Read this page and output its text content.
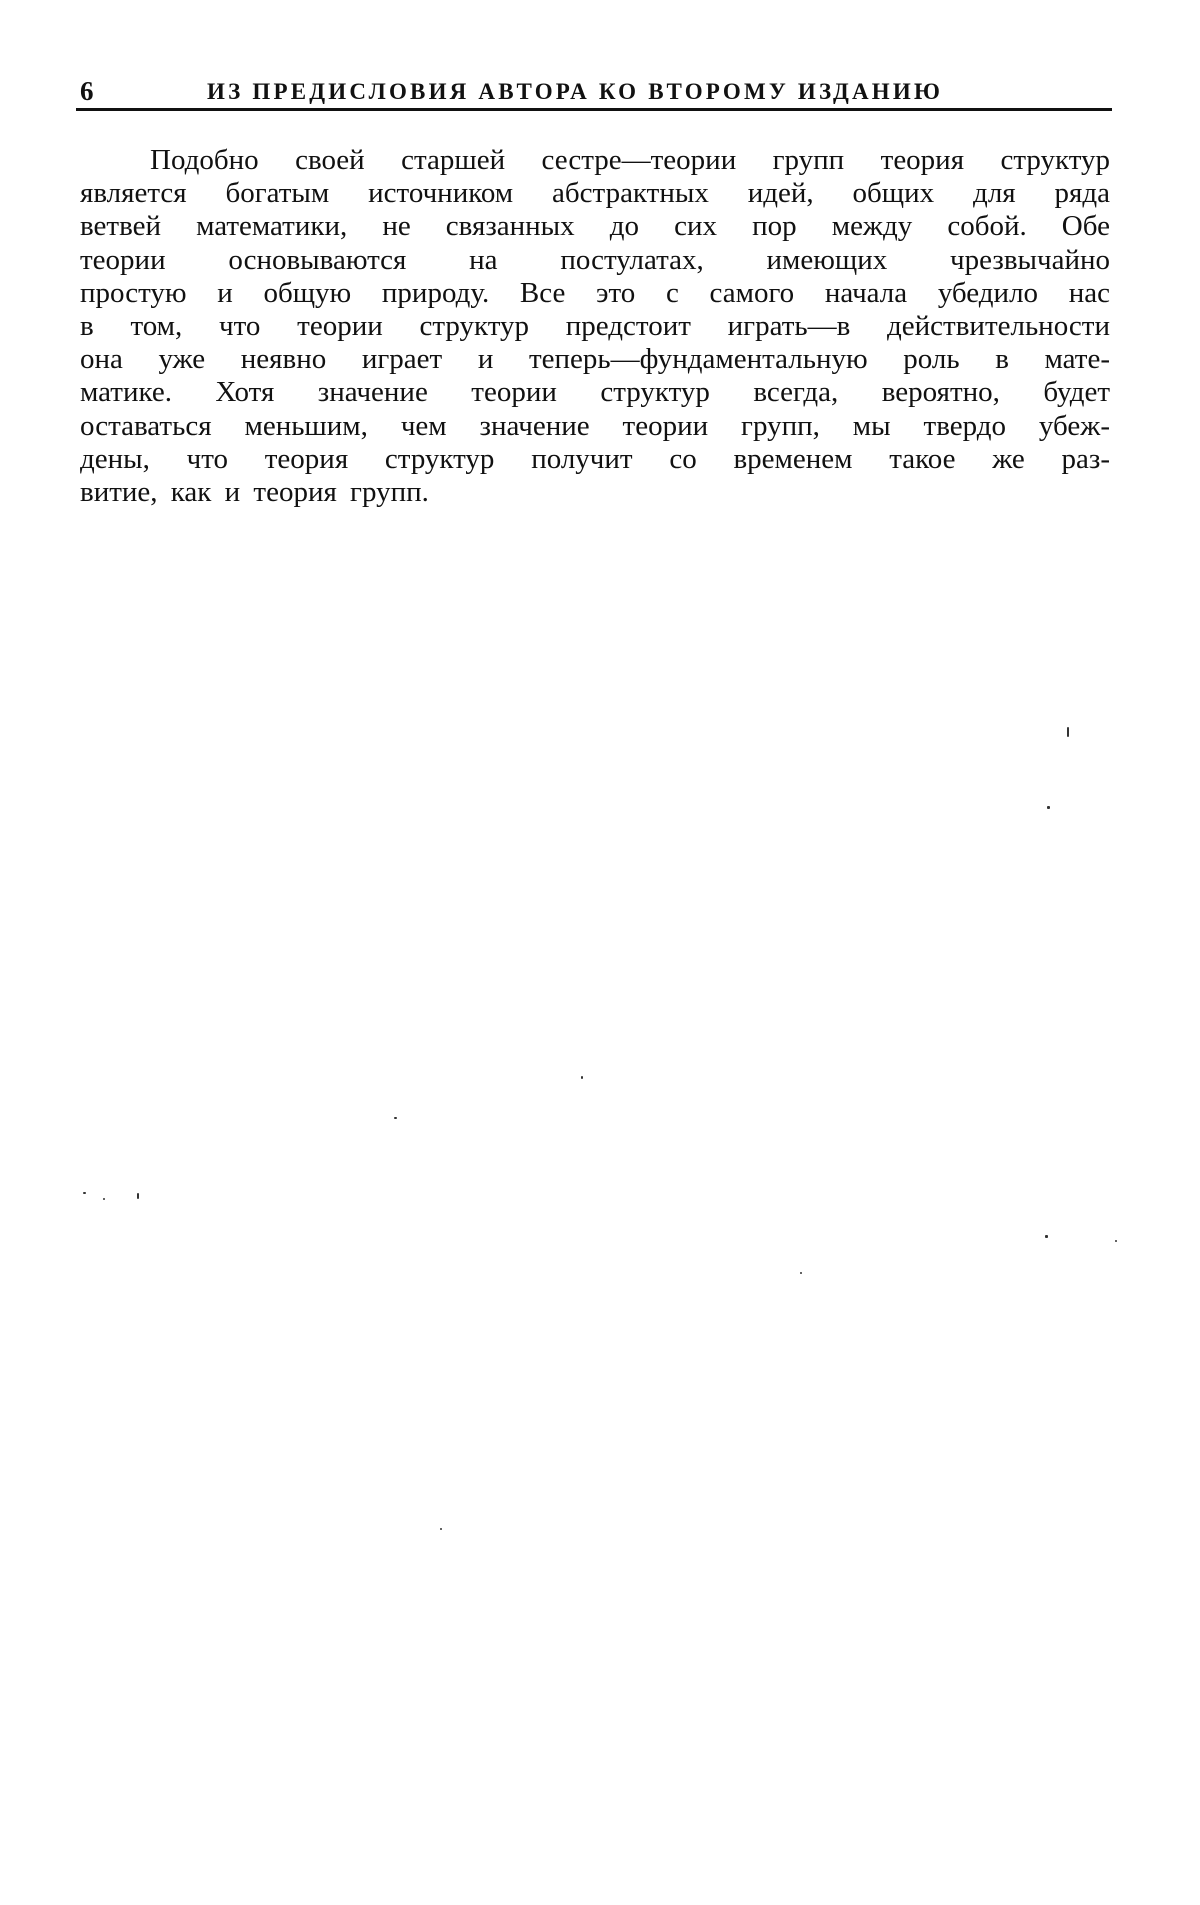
6	ИЗ ПРЕДИСЛОВИЯ АВТОРА КО ВТОРОМУ ИЗДАНИЮ
Подобно своей старшей сестре—теории групп теория структур
является богатым источником абстрактных идей, общих для ряда
ветвей математики, не связанных до сих пор между собой. Обе
теории основываются на постулатах, имеющих чрезвычайно
простую и общую природу. Все это с самого начала убедило нас
в том, что теории структур предстоит играть—в действительности
она уже неявно играет и теперь—фундаментальную роль в мате-
матике. Хотя значение теории структур всегда, вероятно, будет
оставаться меньшим, чем значение теории групп, мы твердо убеж-
дены, что теория структур получит со временем такое же раз-
витие, как и теория групп.
